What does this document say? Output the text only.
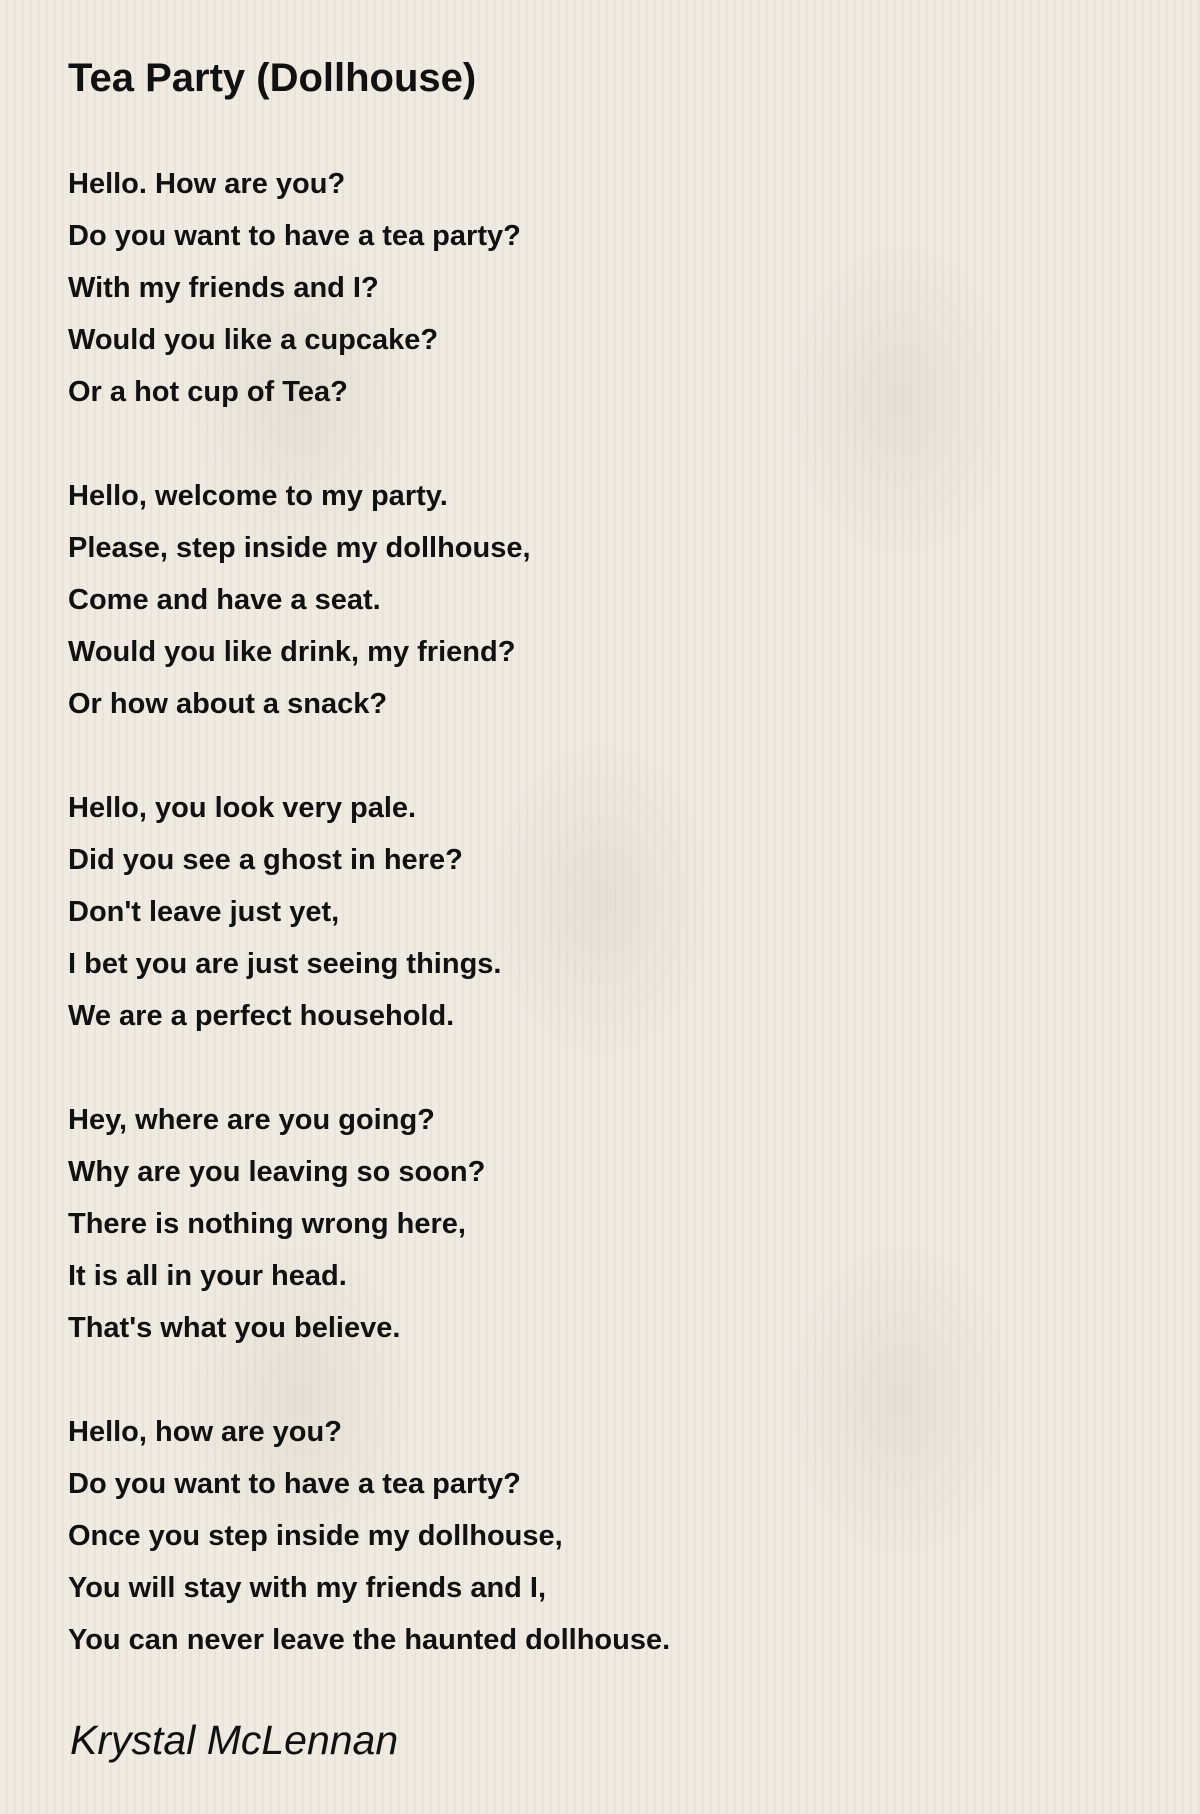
Tea Party (Dollhouse)

Hello. How are you?

Do you want to have a tea party?

With my friends and I?

Would you like a cupcake?

Or a hot cup of Tea?

Hello, welcome to my party.

Please, step inside my dollhouse,

Come and have a seat.

Would you like drink, my friend?

Or how about a snack?

Hello, you look very pale.

Did you see a ghost in here?

Don't leave just yet,

I bet you are just seeing things.

We are a perfect household.

Hey, where are you going?

Why are you leaving so soon?

There is nothing wrong here,

It is all in your head.

That's what you believe.

Hello, how are you?

Do you want to have a tea party?

Once you step inside my dollhouse,

You will stay with my friends and I,

You can never leave the haunted dollhouse.

Krystal McLennan
